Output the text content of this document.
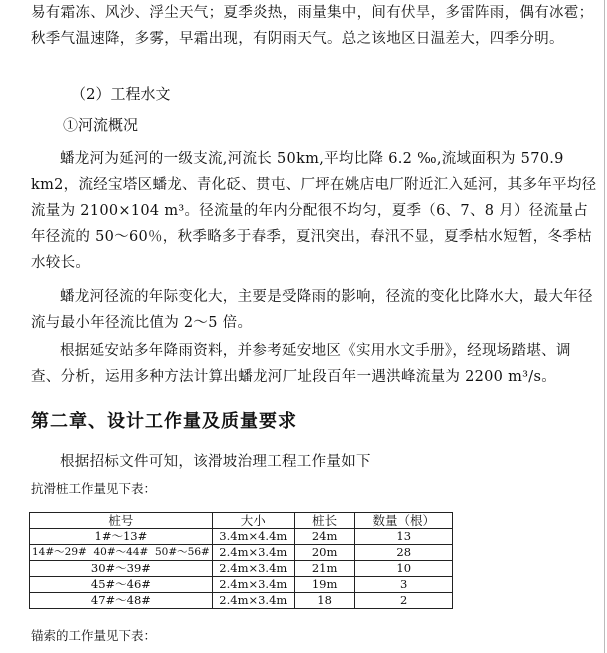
易有霜冻、风沙、浮尘天气；夏季炎热，雨量集中，间有伏旱，多雷阵雨，偶有冰雹；秋季气温速降，多雾，早霜出现，有阴雨天气。总之该地区日温差大，四季分明。

（2）工程水文

①河流概况

蟠龙河为延河的一级支流,河流长 50km,平均比降 6.2 ‰,流域面积为 570.9 km2，流经宝塔区蟠龙、青化砭、贯屯、厂坪在姚店电厂附近汇入延河，其多年平均径流量为 2100×104 m³。径流量的年内分配很不均匀，夏季（6、7、8 月）径流量占年径流的 50～60％，秋季略多于春季，夏汛突出，春汛不显，夏季枯水短暂，冬季枯水较长。

蟠龙河径流的年际变化大，主要是受降雨的影响，径流的变化比降水大，最大年径流与最小年径流比值为 2～5 倍。

根据延安站多年降雨资料，并参考延安地区《实用水文手册》，经现场踏堪、调查、分析，运用多种方法计算出蟠龙河厂址段百年一遇洪峰流量为 2200 m³/s。

第二章、设计工作量及质量要求

根据招标文件可知，该滑坡治理工程工作量如下

抗滑桩工作量见下表：

桩号	大小	桩长	数量（根）
1#～13#	3.4m×4.4m	24m	13
14#～29#  40#～44#  50#～56#	2.4m×3.4m	20m	28
30#～39#	2.4m×3.4m	21m	10
45#～46#	2.4m×3.4m	19m	3
47#～48#	2.4m×3.4m	18	2

锚索的工作量见下表：
